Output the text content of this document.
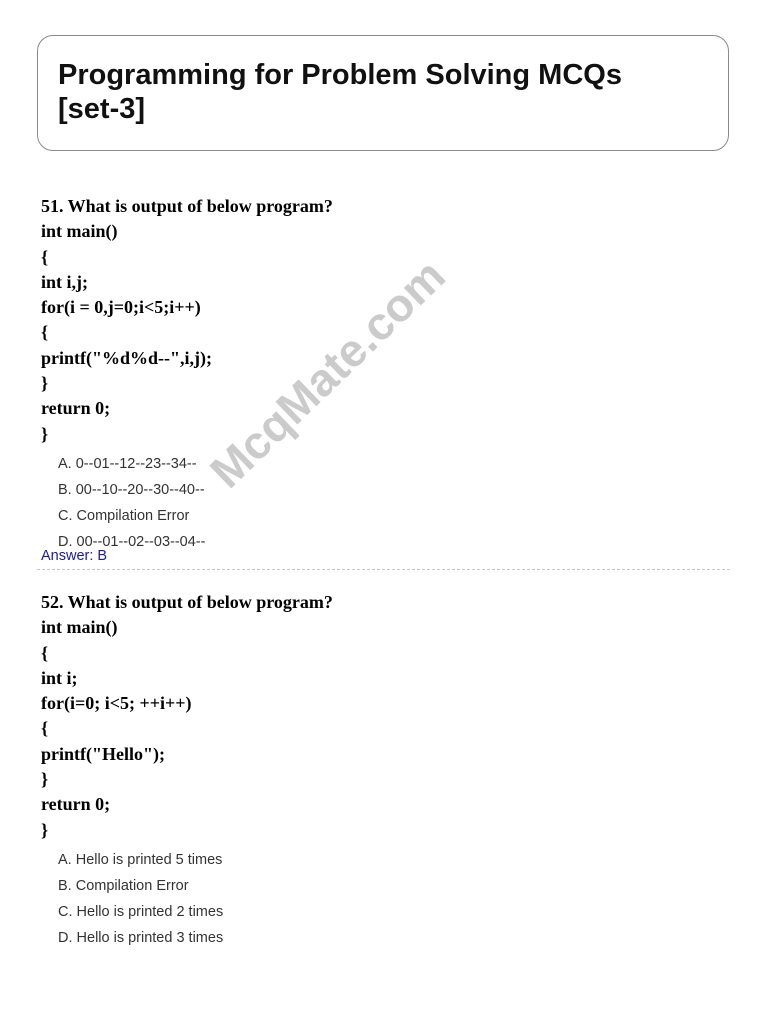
Programming for Problem Solving MCQs
[set-3]
51. What is output of below program?
int main()
{
int i,j;
for(i = 0,j=0;i<5;i++)
{
printf("%d%d--",i,j);
}
return 0;
}
A. 0--01--12--23--34--
B. 00--10--20--30--40--
C. Compilation Error
D. 00--01--02--03--04--
Answer: B
52. What is output of below program?
int main()
{
int i;
for(i=0; i<5; ++i++)
{
printf("Hello");
}
return 0;
}
A. Hello is printed 5 times
B. Compilation Error
C. Hello is printed 2 times
D. Hello is printed 3 times
McqMate.com
